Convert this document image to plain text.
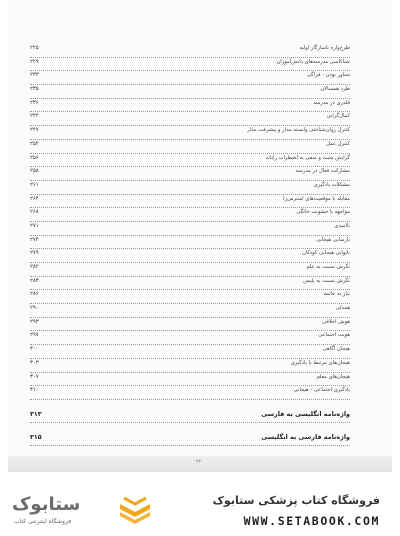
طرح‌واره ناسازگار اولیه
۲۲۵
شناکاسی مدرسه‌های دانش‌آموزان
۲۲۹
شناور بودن - فراگی
۲۳۳
طرد همسالان
۲۳۵
قلدری در مدرسه
۲۳۶
کمال‌گرایی
۲۴۴
کنترل روان‌شناختی وابسته مدار و پیشرفت مدار
۲۴۷
کنترل عمل
۲۵۲
گرایش مثبت و منفی به اضطراب رایانه
۲۵۶
مشارکت فعال در مدرسه
۲۵۸
مشکلات یادگیری
۲۶۱
مقابله با موقعیت‌های استرس‌زا
۲۶۴
مواجهه با خشونت خانگی
۲۶۸
ناامیدی
۲۷۱
نارسایی هیجانی
۲۷۴
ناتوانی هیجانی کودکان
۲۷۹
نگرش نسبت به علم
۲۸۲
نگرش نسبت به پلیس
۲۸۳
نیاز به خاتمه
۲۸۶
همدلی
۲۹۰
هوش اخلاقی
۲۹۳
هویت اجتماعی
۲۹۷
هیجان آگاهی
۳۰۰
هیجان‌های مرتبط با یادگیری
۳۰۳
هیجان‌های معلم
۳۰۷
یادگیری اجتماعی - هیجانی
۳۱۰
واژه‌نامه انگلیسی به فارسی
۳۱۳
واژه‌نامه فارسی به انگلیسی
۳۱۵
۳۲۰
ستابوک
فروشگاه اینترنتی کتاب
فروشگاه کتاب پزشکی ستابوک
WWW.SETABOOK.COM
